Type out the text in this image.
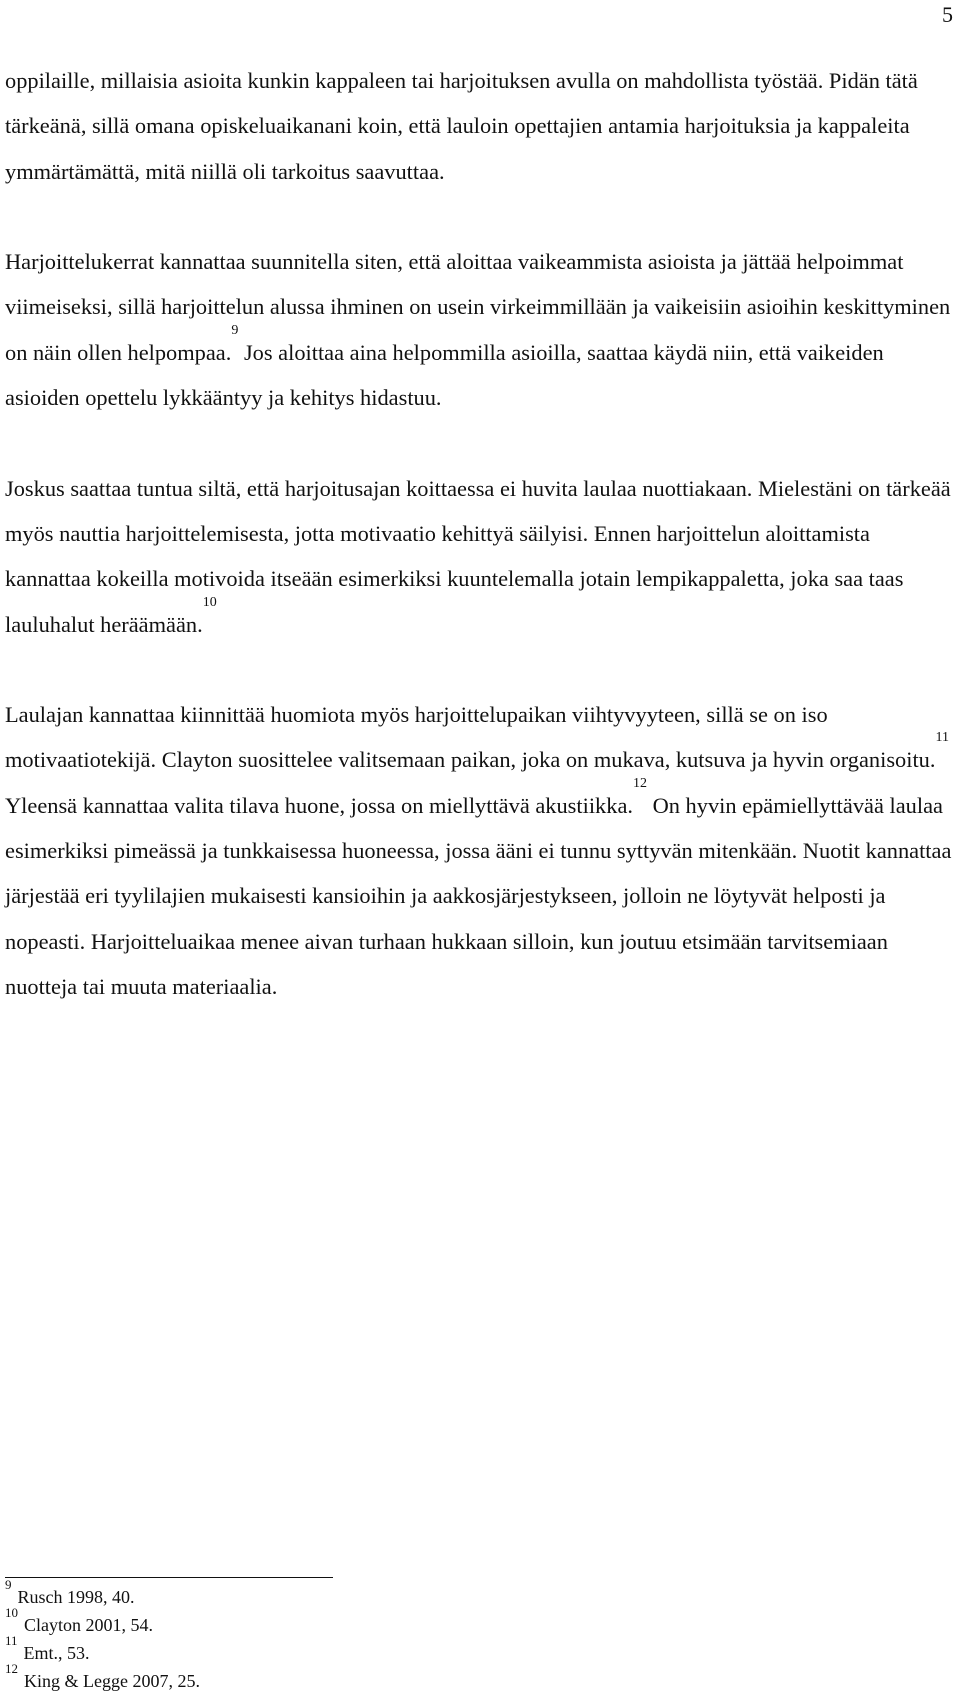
5

oppilaille, millaisia asioita kunkin kappaleen tai harjoituksen avulla on mahdollista työstää. Pidän tätä tärkeänä, sillä omana opiskeluaikanani koin, että lauloin opettajien antamia harjoituksia ja kappaleita ymmärtämättä, mitä niillä oli tarkoitus saavuttaa.

Harjoittelukerrat kannattaa suunnitella siten, että aloittaa vaikeammista asioista ja jättää helpoimmat viimeiseksi, sillä harjoittelun alussa ihminen on usein virkeimmillään ja vaikeisiin asioihin keskittyminen on näin ollen helpompaa.$^9$ Jos aloittaa aina helpommilla asioilla, saattaa käydä niin, että vaikeiden asioiden opettelu lykkääntyy ja kehitys hidastuu.

Joskus saattaa tuntua siltä, että harjoitusajan koittaessa ei huvita laulaa nuottiakaan. Mielestäni on tärkeää myös nauttia harjoittelemisesta, jotta motivaatio kehittyä säilyisi. Ennen harjoittelun aloittamista kannattaa kokeilla motivoida itseään esimerkiksi kuuntelemalla jotain lempikappaletta, joka saa taas lauluhalut heräämään.$^{10}$

Laulajan kannattaa kiinnittää huomiota myös harjoittelupaikan viihtyvyyteen, sillä se on iso motivaatiotekijä. Clayton suosittelee valitsemaan paikan, joka on mukava, kutsuva ja hyvin organisoitu.$^{11}$ Yleensä kannattaa valita tilava huone, jossa on miellyttävä akustiikka.$^{12}$ On hyvin epämiellyttävää laulaa esimerkiksi pimeässä ja tunkkaisessa huoneessa, jossa ääni ei tunnu syttyvän mitenkään. Nuotit kannattaa järjestää eri tyylilajien mukaisesti kansioihin ja aakkosjärjestykseen, jolloin ne löytyvät helposti ja nopeasti. Harjoitteluaikaa menee aivan turhaan hukkaan silloin, kun joutuu etsimään tarvitsemiaan nuotteja tai muuta materiaalia.

$^9$Rusch 1998, 40.

$^{10}$Clayton 2001, 54.

$^{11}$Emt., 53.

$^{12}$King & Legge 2007, 25.
